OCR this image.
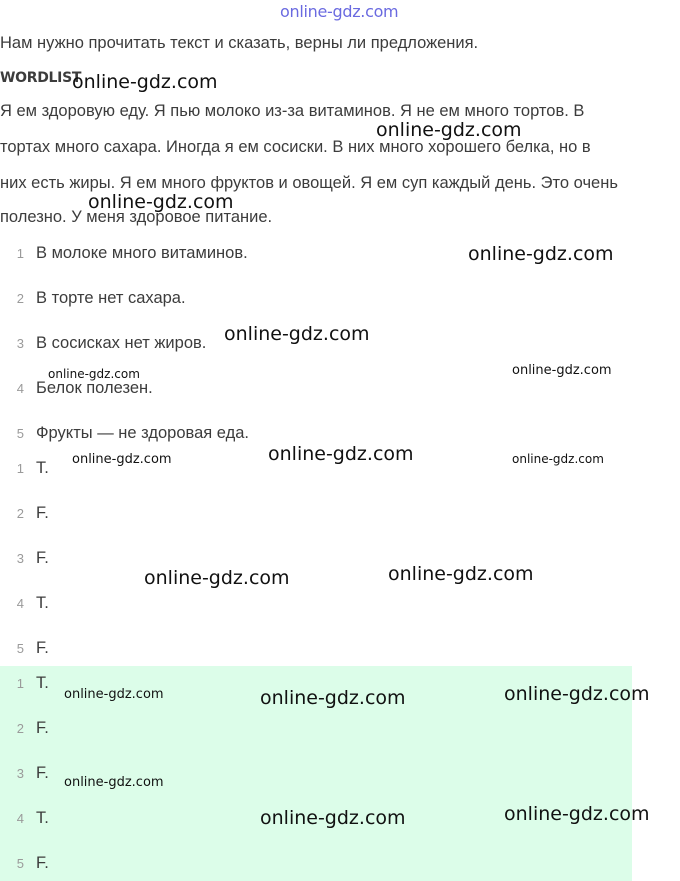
online-gdz.com
Нам нужно прочитать текст и сказать, верны ли предложения.
WORDLIST
Я ем здоровую еду. Я пью молоко из-за витаминов. Я не ем много тортов. В
тортах много сахара. Иногда я ем сосиски. В них много хорошего белка, но в
них есть жиры. Я ем много фруктов и овощей. Я ем суп каждый день. Это очень
полезно. У меня здоровое питание.
1 В молоке много витаминов.
2 В торте нет сахара.
3 В сосисках нет жиров.
4 Белок полезен.
5 Фрукты — не здоровая еда.
1 T.
2 F.
3 F.
4 T.
5 F.
1 T.
2 F.
3 F.
4 T.
5 F.
online-gdz.com
online-gdz.com
online-gdz.com
online-gdz.com
online-gdz.com
online-gdz.com	online-gdz.com
online-gdz.com	online-gdz.com	online-gdz.com
online-gdz.com	online-gdz.com
online-gdz.com	online-gdz.com	online-gdz.com
online-gdz.com
online-gdz.com	online-gdz.com
